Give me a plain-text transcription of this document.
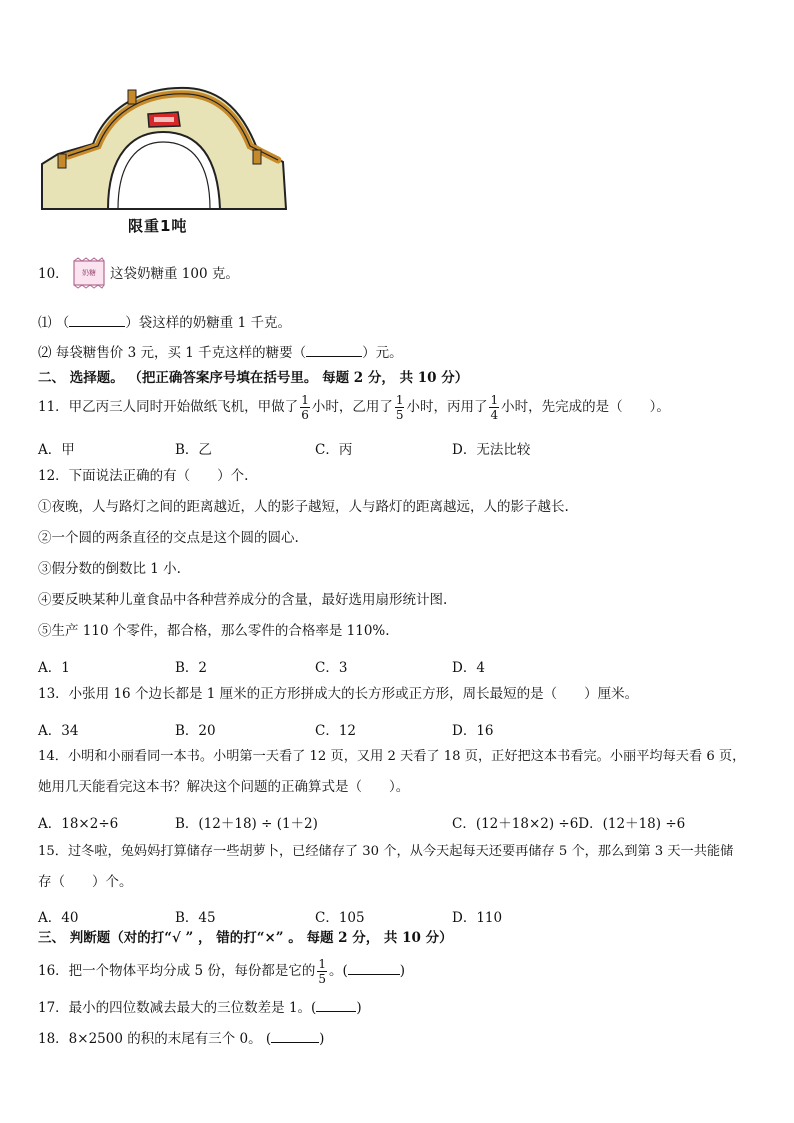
限重1吨
10． 奶糖 这袋奶糖重 100 克。
⑴ （	）袋这样的奶糖重 1 千克。
⑵ 每袋糖售价 3 元，买 1 千克这样的糖要（	）元。
二、 选择题。 （把正确答案序号填在括号里。 每题 2 分， 共 10 分）
11．甲乙丙三人同时开始做纸飞机，甲做了 $\frac{1}{6}$ 小时，乙用了 $\frac{1}{5}$ 小时，丙用了 $\frac{1}{4}$ 小时，先完成的是（　　）。
A．甲	B．乙	C．丙	D．无法比较
12．下面说法正确的有（　　）个.
①夜晚，人与路灯之间的距离越近，人的影子越短，人与路灯的距离越远，人的影子越长.
②一个圆的两条直径的交点是这个圆的圆心.
③假分数的倒数比 1 小.
④要反映某种儿童食品中各种营养成分的含量，最好选用扇形统计图.
⑤生产 110 个零件，都合格，那么零件的合格率是 110%.
A．1	B．2	C．3	D．4
13．小张用 16 个边长都是 1 厘米的正方形拼成大的长方形或正方形，周长最短的是（　　）厘米。
A．34	B．20	C．12	D．16
14．小明和小丽看同一本书。小明第一天看了 12 页，又用 2 天看了 18 页，正好把这本书看完。小丽平均每天看 6 页，
她用几天能看完这本书？解决这个问题的正确算式是（　　）。
A．18×2÷6	B．(12＋18) ÷ (1＋2)	C．(12＋18×2) ÷6D．(12＋18) ÷6
15．过冬啦，兔妈妈打算储存一些胡萝卜，已经储存了 30 个，从今天起每天还要再储存 5 个，那么到第 3 天一共能储
存（　　）个。
A．40	B．45	C．105	D．110
三、 判断题（对的打“√ ” ， 错的打“×” 。 每题 2 分， 共 10 分）
16．把一个物体平均分成 5 份，每份都是它的 $\frac{1}{5}$ 。(	)
17．最小的四位数减去最大的三位数差是 1。(	)
18．8×2500 的积的末尾有三个 0。 (	)
